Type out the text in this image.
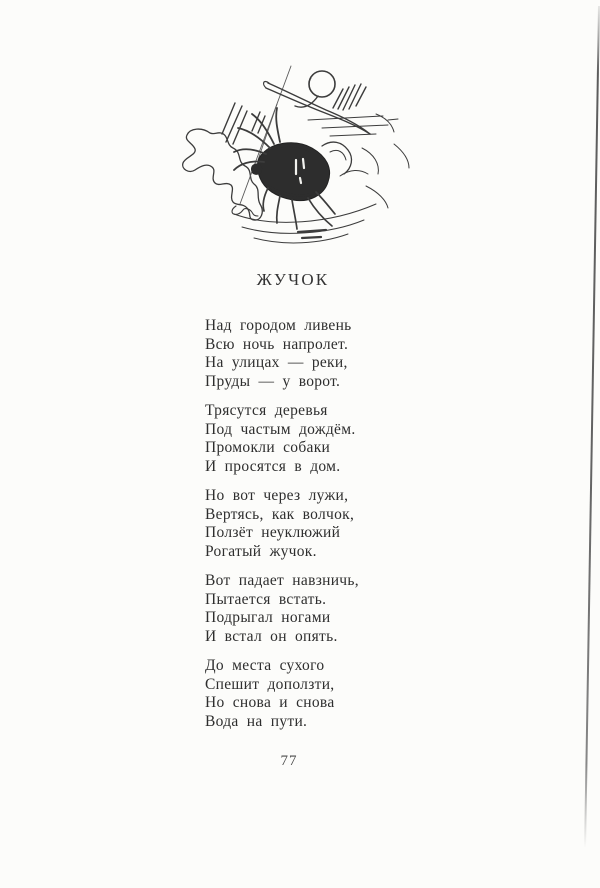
ЖУЧОК
Над городом ливень
Всю ночь напролет.
На улицах — реки,
Пруды — у ворот.
Трясутся деревья
Под частым дождём.
Промокли собаки
И просятся в дом.
Но вот через лужи,
Вертясь, как волчок,
Ползёт неуклюжий
Рогатый жучок.
Вот падает навзничь,
Пытается встать.
Подрыгал ногами
И встал он опять.
До места сухого
Спешит доползти,
Но снова и снова
Вода на пути.
77
